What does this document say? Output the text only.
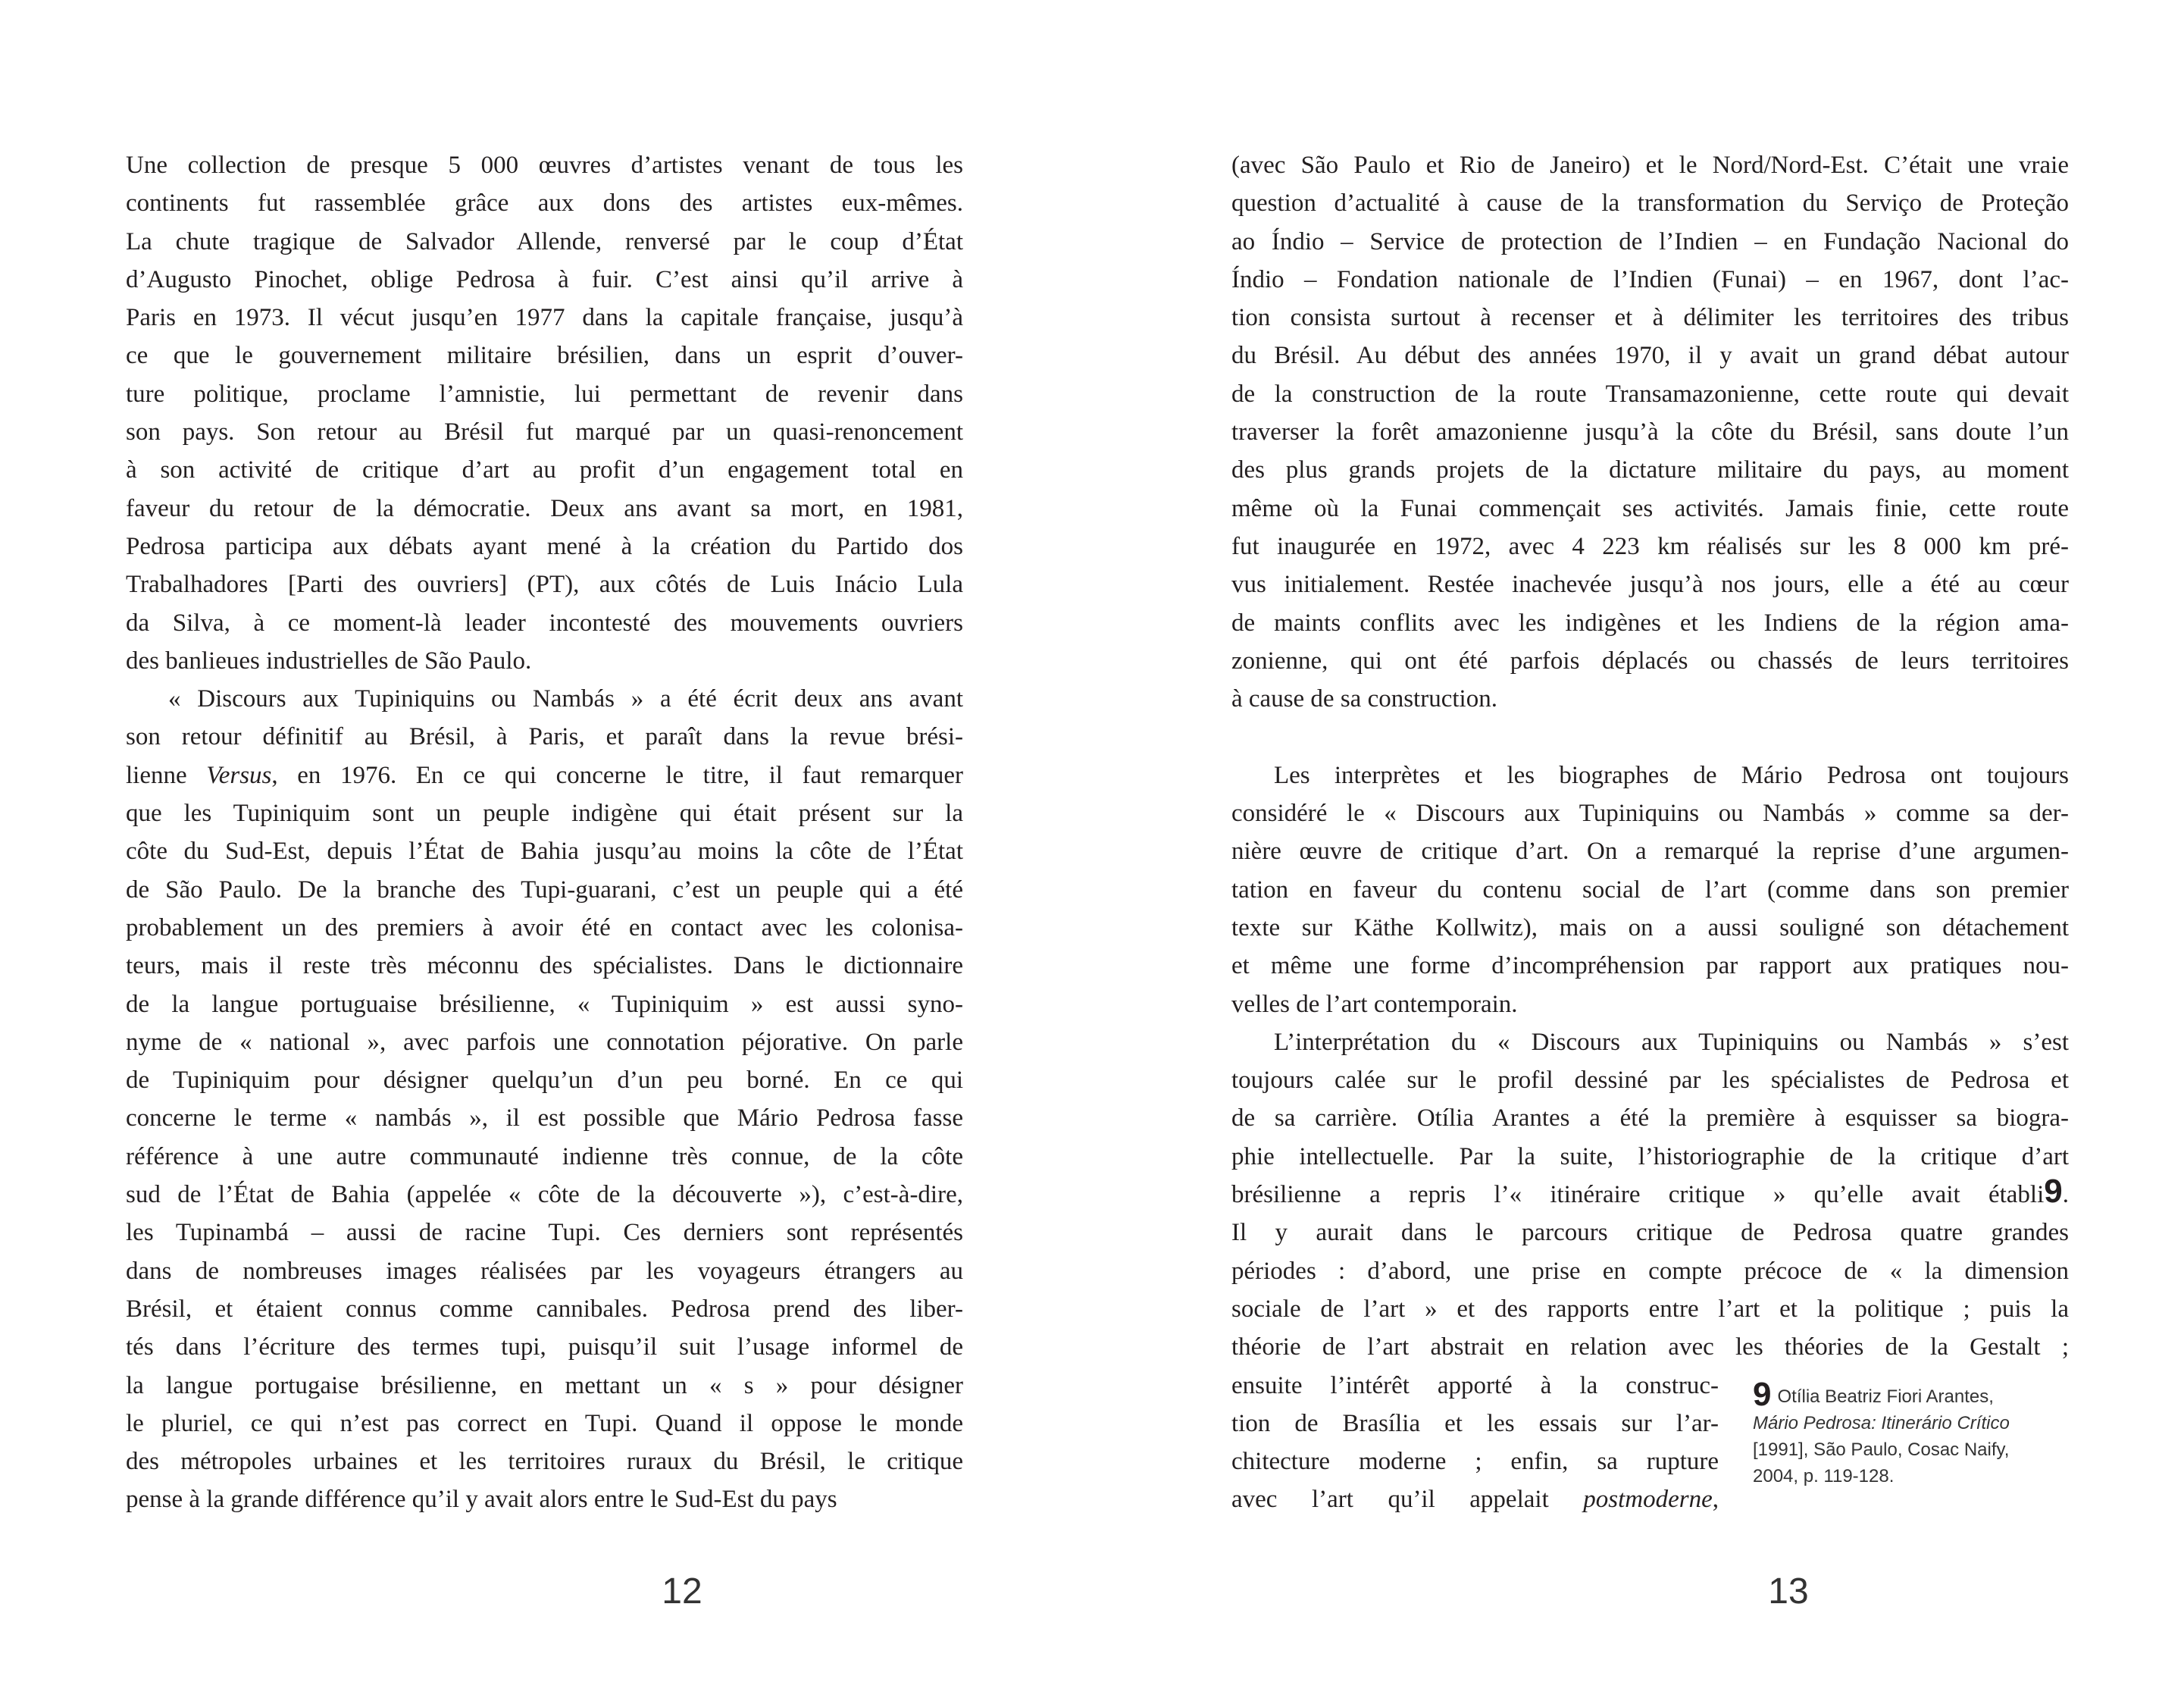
Une collection de presque 5 000 œuvres d’artistes venant de tous les
continents fut rassemblée grâce aux dons des artistes eux-mêmes.
La chute tragique de Salvador Allende, renversé par le coup d’État
d’Augusto Pinochet, oblige Pedrosa à fuir. C’est ainsi qu’il arrive à
Paris en 1973. Il vécut jusqu’en 1977 dans la capitale française, jusqu’à
ce que le gouvernement militaire brésilien, dans un esprit d’ouver-
ture politique, proclame l’amnistie, lui permettant de revenir dans
son pays. Son retour au Brésil fut marqué par un quasi-renoncement
à son activité de critique d’art au profit d’un engagement total en
faveur du retour de la démocratie. Deux ans avant sa mort, en 1981,
Pedrosa participa aux débats ayant mené à la création du Partido dos
Trabalhadores [Parti des ouvriers] (PT), aux côtés de Luis Inácio Lula
da Silva, à ce moment-là leader incontesté des mouvements ouvriers
des banlieues industrielles de São Paulo.
« Discours aux Tupiniquins ou Nambás » a été écrit deux ans avant
son retour définitif au Brésil, à Paris, et paraît dans la revue brési-
lienne Versus, en 1976. En ce qui concerne le titre, il faut remarquer
que les Tupiniquim sont un peuple indigène qui était présent sur la
côte du Sud-Est, depuis l’État de Bahia jusqu’au moins la côte de l’État
de São Paulo. De la branche des Tupi-guarani, c’est un peuple qui a été
probablement un des premiers à avoir été en contact avec les colonisa-
teurs, mais il reste très méconnu des spécialistes. Dans le dictionnaire
de la langue portuguaise brésilienne, « Tupiniquim » est aussi syno-
nyme de « national », avec parfois une connotation péjorative. On parle
de Tupiniquim pour désigner quelqu’un d’un peu borné. En ce qui
concerne le terme « nambás », il est possible que Mário Pedrosa fasse
référence à une autre communauté indienne très connue, de la côte
sud de l’État de Bahia (appelée « côte de la découverte »), c’est-à-dire,
les Tupinambá – aussi de racine Tupi. Ces derniers sont représentés
dans de nombreuses images réalisées par les voyageurs étrangers au
Brésil, et étaient connus comme cannibales. Pedrosa prend des liber-
tés dans l’écriture des termes tupi, puisqu’il suit l’usage informel de
la langue portugaise brésilienne, en mettant un « s » pour désigner
le pluriel, ce qui n’est pas correct en Tupi. Quand il oppose le monde
des métropoles urbaines et les territoires ruraux du Brésil, le critique
pense à la grande différence qu’il y avait alors entre le Sud-Est du pays
(avec São Paulo et Rio de Janeiro) et le Nord/Nord-Est. C’était une vraie
question d’actualité à cause de la transformation du Serviço de Proteção
ao Índio – Service de protection de l’Indien – en Fundação Nacional do
Índio – Fondation nationale de l’Indien (Funai) – en 1967, dont l’ac-
tion consista surtout à recenser et à délimiter les territoires des tribus
du Brésil. Au début des années 1970, il y avait un grand débat autour
de la construction de la route Transamazonienne, cette route qui devait
traverser la forêt amazonienne jusqu’à la côte du Brésil, sans doute l’un
des plus grands projets de la dictature militaire du pays, au moment
même où la Funai commençait ses activités. Jamais finie, cette route
fut inaugurée en 1972, avec 4 223 km réalisés sur les 8 000 km pré-
vus initialement. Restée inachevée jusqu’à nos jours, elle a été au cœur
de maints conflits avec les indigènes et les Indiens de la région ama-
zonienne, qui ont été parfois déplacés ou chassés de leurs territoires
à cause de sa construction.
Les interprètes et les biographes de Mário Pedrosa ont toujours
considéré le « Discours aux Tupiniquins ou Nambás » comme sa der-
nière œuvre de critique d’art. On a remarqué la reprise d’une argumen-
tation en faveur du contenu social de l’art (comme dans son premier
texte sur Käthe Kollwitz), mais on a aussi souligné son détachement
et même une forme d’incompréhension par rapport aux pratiques nou-
velles de l’art contemporain.
L’interprétation du « Discours aux Tupiniquins ou Nambás » s’est
toujours calée sur le profil dessiné par les spécialistes de Pedrosa et
de sa carrière. Otília Arantes a été la première à esquisser sa biogra-
phie intellectuelle. Par la suite, l’historiographie de la critique d’art
brésilienne a repris l’« itinéraire critique » qu’elle avait établi9.
Il y aurait dans le parcours critique de Pedrosa quatre grandes
périodes : d’abord, une prise en compte précoce de « la dimension
sociale de l’art » et des rapports entre l’art et la politique ; puis la
théorie de l’art abstrait en relation avec les théories de la Gestalt ;
ensuite l’intérêt apporté à la construc-
tion de Brasília et les essais sur l’ar-
chitecture moderne ; enfin, sa rupture
avec l’art qu’il appelait postmoderne,
9 Otília Beatriz Fiori Arantes,
Mário Pedrosa: Itinerário Crítico
[1991], São Paulo, Cosac Naify,
2004, p. 119-128.
12	13
